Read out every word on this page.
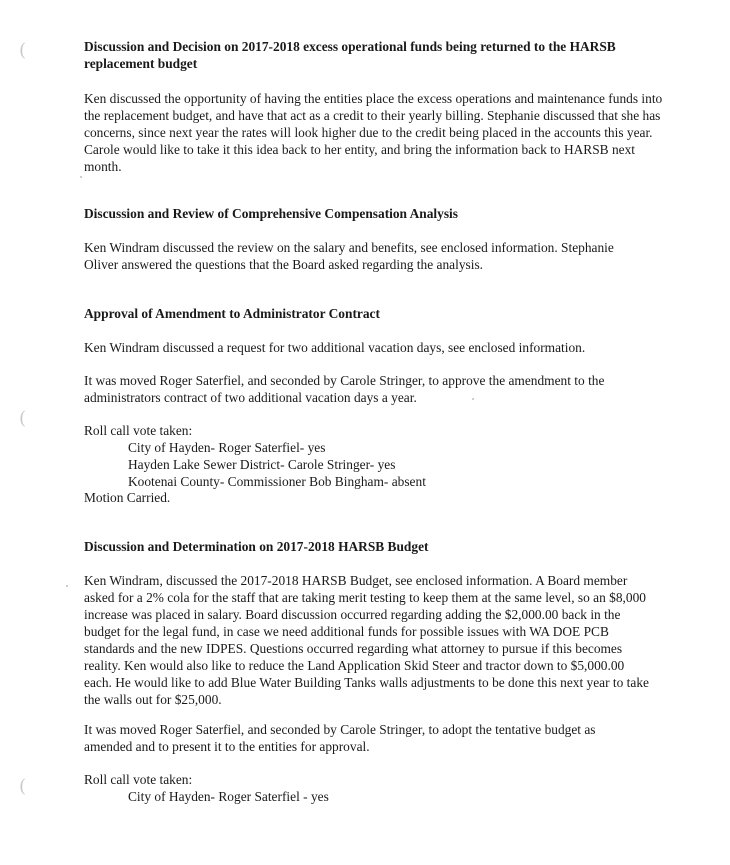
(
(
(

Discussion and Decision on 2017-2018 excess operational funds being returned to the HARSB replacement budget

Ken discussed the opportunity of having the entities place the excess operations and maintenance funds into the replacement budget, and have that act as a credit to their yearly billing. Stephanie discussed that she has concerns, since next year the rates will look higher due to the credit being placed in the accounts this year. Carole would like to take it this idea back to her entity, and bring the information back to HARSB next month.

Discussion and Review of Comprehensive Compensation Analysis

Ken Windram discussed the review on the salary and benefits, see enclosed information. Stephanie Oliver answered the questions that the Board asked regarding the analysis.

Approval of Amendment to Administrator Contract

Ken Windram discussed a request for two additional vacation days, see enclosed information.

It was moved Roger Saterfiel, and seconded by Carole Stringer, to approve the amendment to the administrators contract of two additional vacation days a year.

Roll call vote taken:

City of Hayden- Roger Saterfiel- yes

Hayden Lake Sewer District- Carole Stringer- yes

Kootenai County- Commissioner Bob Bingham- absent

Motion Carried.

Discussion and Determination on 2017-2018 HARSB Budget

Ken Windram, discussed the 2017-2018 HARSB Budget, see enclosed information. A Board member asked for a 2% cola for the staff that are taking merit testing to keep them at the same level, so an $8,000 increase was placed in salary. Board discussion occurred regarding adding the $2,000.00 back in the budget for the legal fund, in case we need additional funds for possible issues with WA DOE PCB standards and the new IDPES. Questions occurred regarding what attorney to pursue if this becomes reality. Ken would also like to reduce the Land Application Skid Steer and tractor down to $5,000.00 each. He would like to add Blue Water Building Tanks walls adjustments to be done this next year to take the walls out for $25,000.

It was moved Roger Saterfiel, and seconded by Carole Stringer, to adopt the tentative budget as amended and to present it to the entities for approval.

Roll call vote taken:

City of Hayden- Roger Saterfiel - yes
